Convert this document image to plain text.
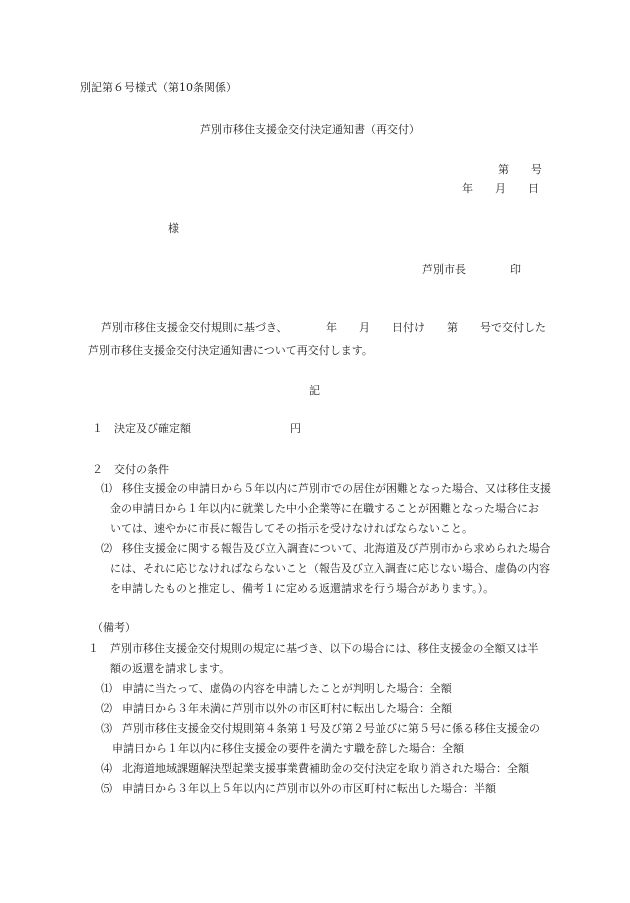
別記第６号様式（第10条関係）
芦別市移住支援金交付決定通知書（再交付）
第　　号
年　　月　　日
様
芦別市長　　　　印
芦別市移住支援金交付規則に基づき、　　　　年　　月　　日付け　　第　　号で交付した
芦別市移住支援金交付決定通知書について再交付します。
記
１　決定及び確定額	円
２　交付の条件
⑴ 移住支援金の申請日から５年以内に芦別市での居住が困難となった場合、又は移住支援
金の申請日から１年以内に就業した中小企業等に在職することが困難となった場合にお
いては、速やかに市長に報告してその指示を受けなければならないこと。
⑵ 移住支援金に関する報告及び立入調査について、北海道及び芦別市から求められた場合
には、それに応じなければならないこと（報告及び立入調査に応じない場合、虚偽の内容
を申請したものと推定し、備考１に定める返還請求を行う場合があります。）。
（備考）
１ 芦別市移住支援金交付規則の規定に基づき、以下の場合には、移住支援金の全額又は半
額の返還を請求します。
⑴ 申請に当たって、虚偽の内容を申請したことが判明した場合：全額
⑵ 申請日から３年未満に芦別市以外の市区町村に転出した場合：全額
⑶ 芦別市移住支援金交付規則第４条第１号及び第２号並びに第５号に係る移住支援金の
申請日から１年以内に移住支援金の要件を満たす職を辞した場合：全額
⑷ 北海道地域課題解決型起業支援事業費補助金の交付決定を取り消された場合：全額
⑸ 申請日から３年以上５年以内に芦別市以外の市区町村に転出した場合：半額
